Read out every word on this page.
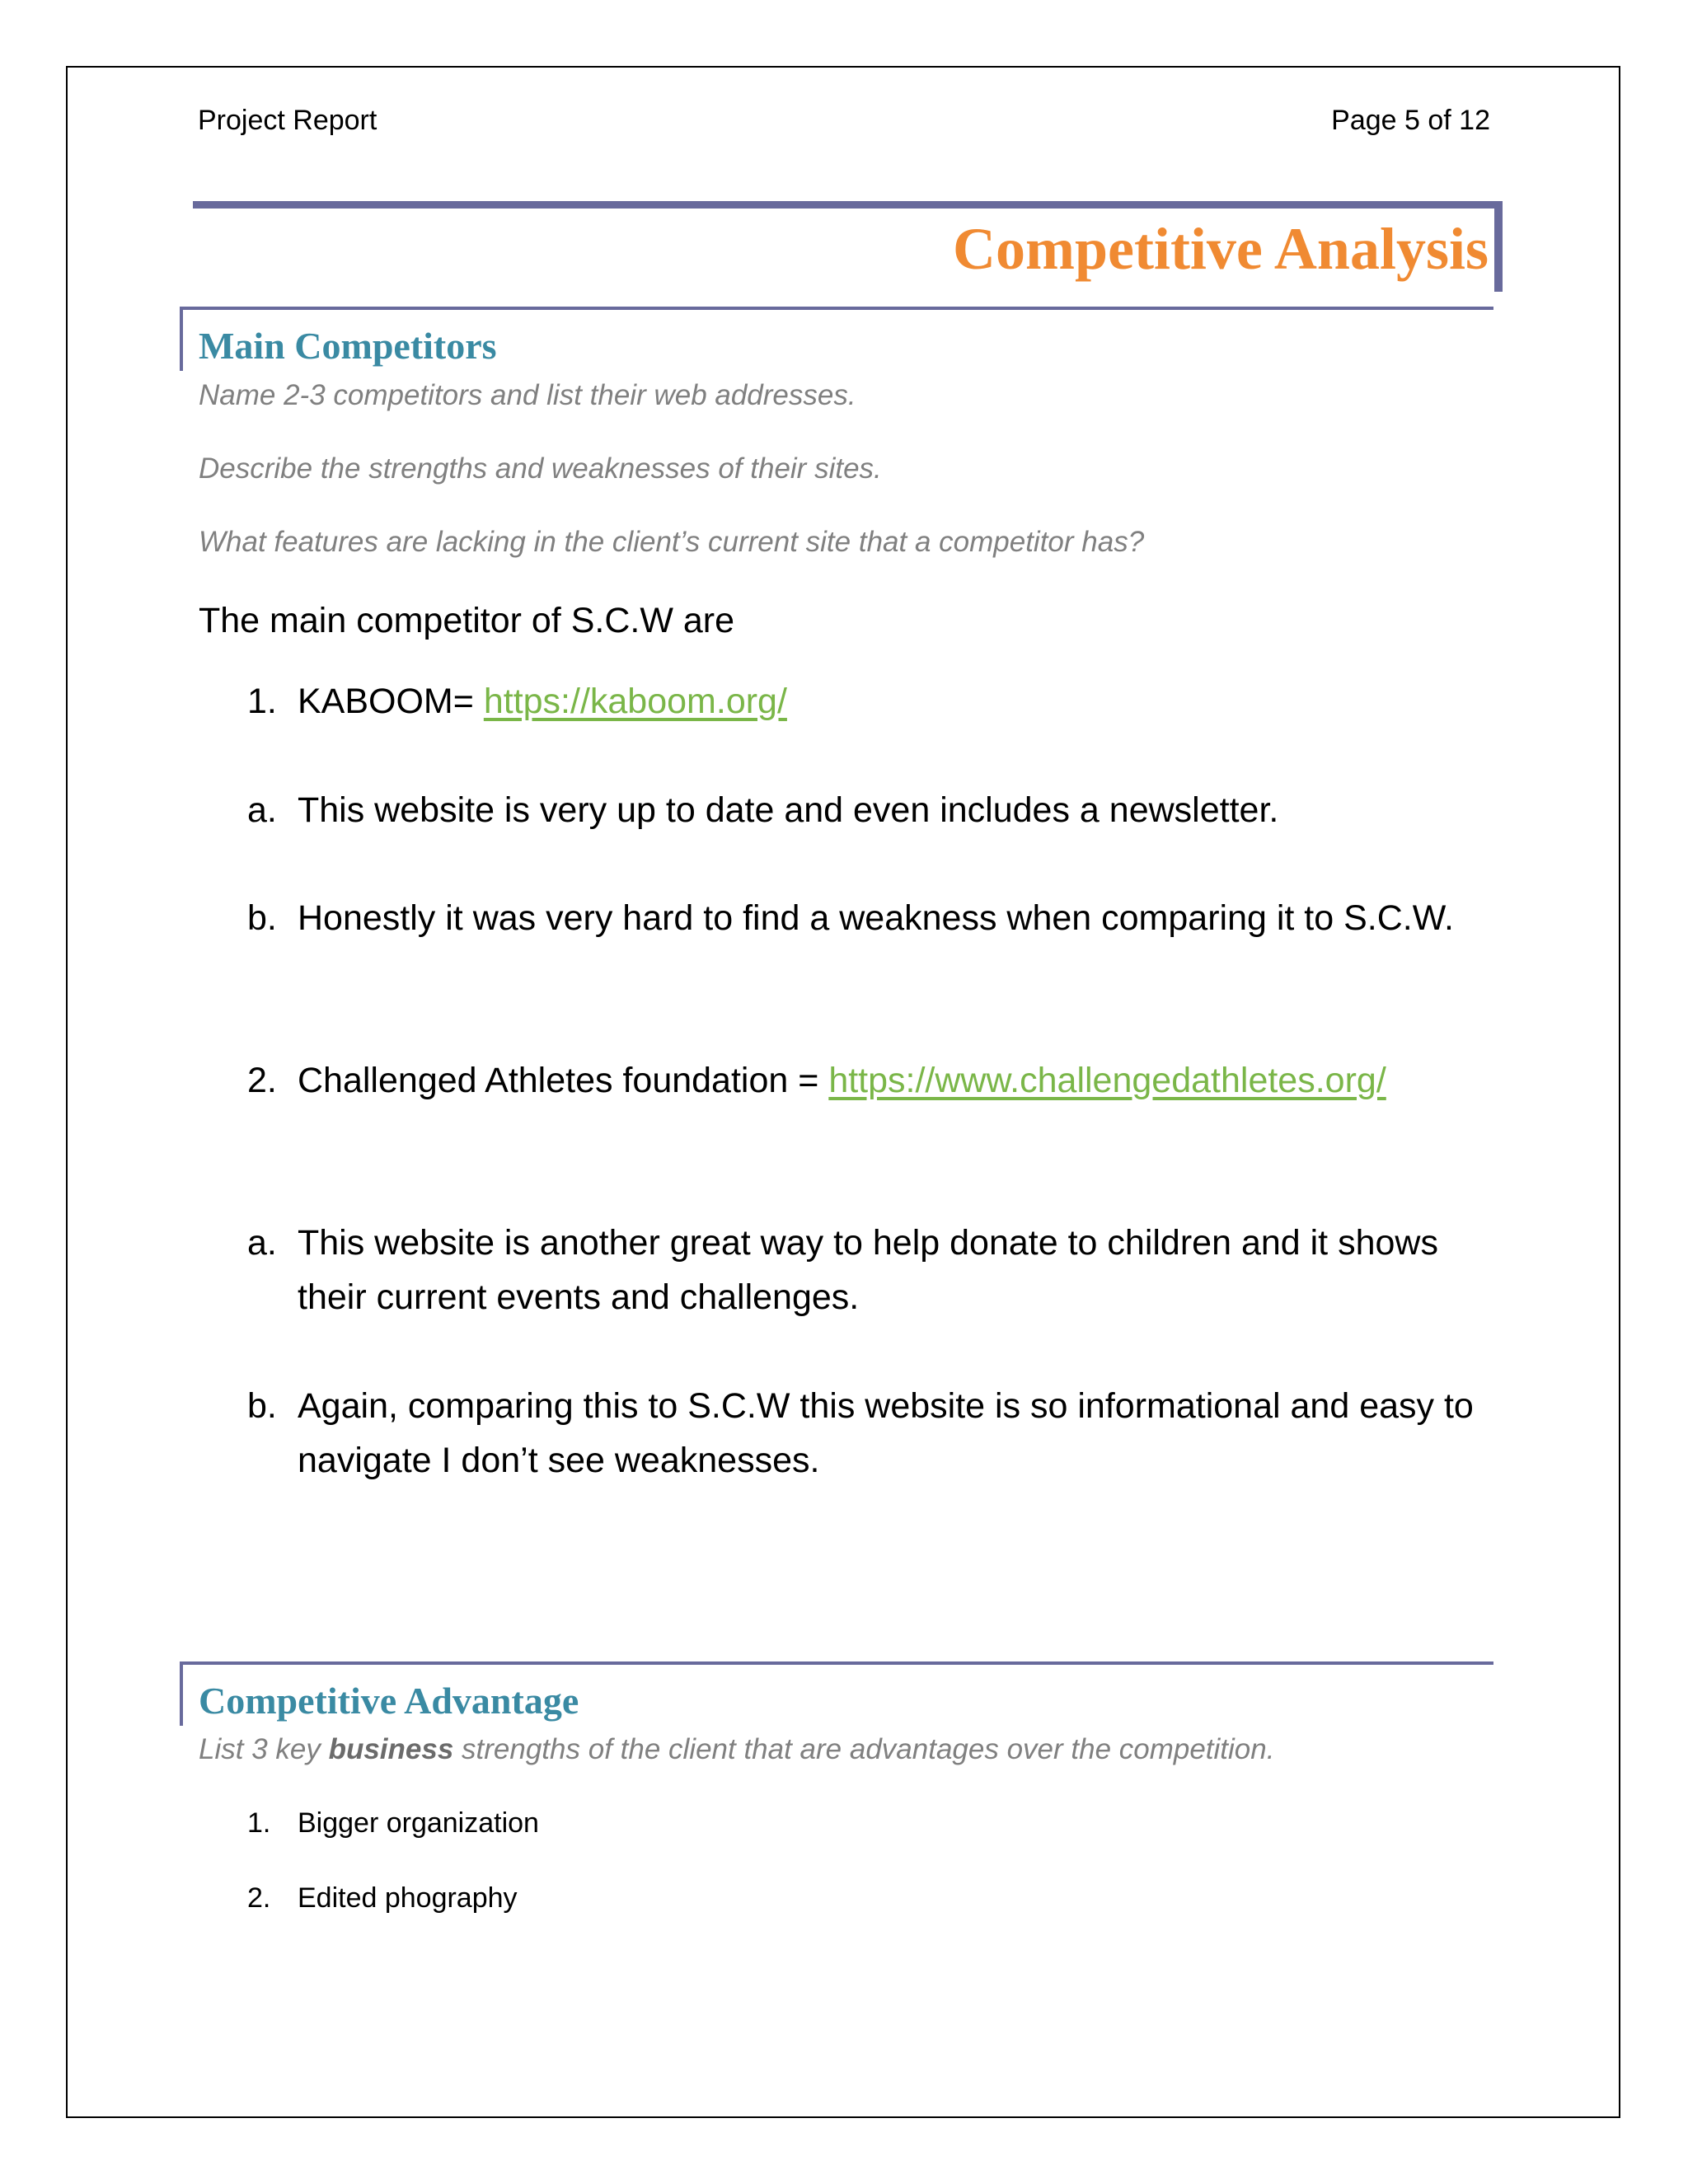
Project Report	Page 5 of 12
Competitive Analysis
Main Competitors
Name 2-3 competitors and list their web addresses.
Describe the strengths and weaknesses of their sites.
What features are lacking in the client’s current site that a competitor has?
The main competitor of S.C.W are
1. KABOOM= https://kaboom.org/
a. This website is very up to date and even includes a newsletter.
b. Honestly it was very hard to find a weakness when comparing it to S.C.W.
2. Challenged Athletes foundation = https://www.challengedathletes.org/
a. This website is another great way to help donate to children and it shows their current events and challenges.
b. Again, comparing this to S.C.W this website is so informational and easy to navigate I don’t see weaknesses.
Competitive Advantage
List 3 key business strengths of the client that are advantages over the competition.
1. Bigger organization
2. Edited phography
